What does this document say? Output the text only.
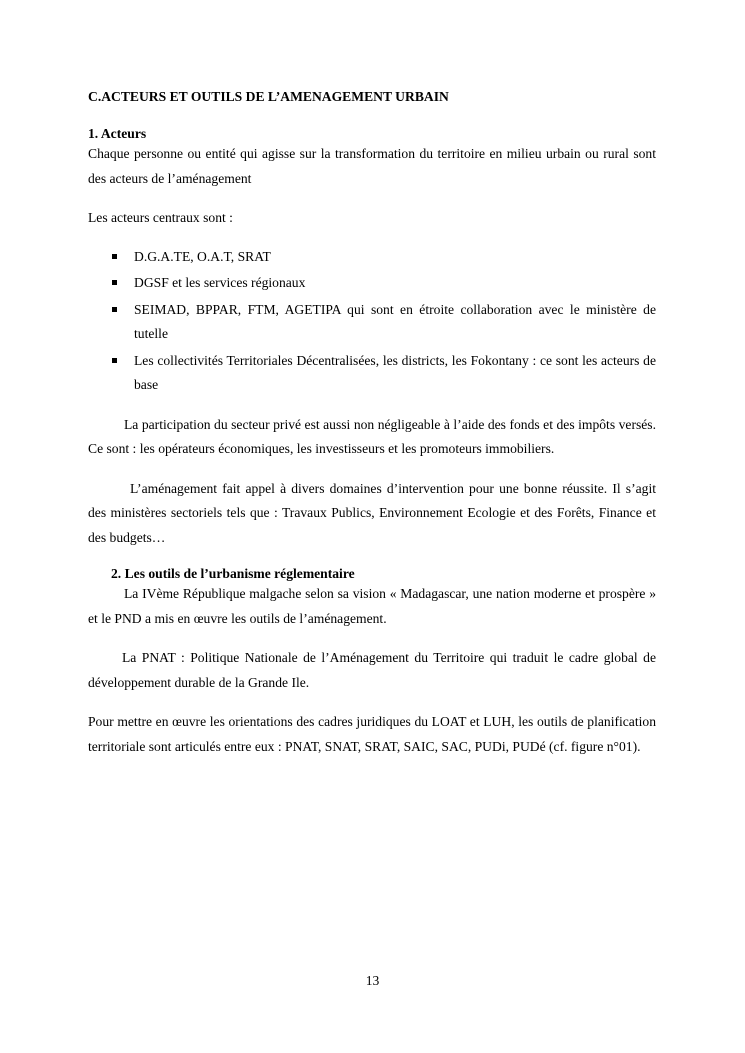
C.ACTEURS ET OUTILS DE L’AMENAGEMENT URBAIN
1. Acteurs

Chaque personne ou entité qui agisse sur la transformation du territoire en milieu urbain ou rural sont des acteurs de l’aménagement

Les acteurs centraux sont :

D.G.A.TE, O.A.T, SRAT
DGSF et les services régionaux
SEIMAD, BPPAR, FTM, AGETIPA qui sont en étroite collaboration avec le ministère de tutelle
Les collectivités Territoriales Décentralisées, les districts, les Fokontany : ce sont les acteurs de base

La participation du secteur privé est aussi non négligeable à l’aide des fonds et des impôts versés. Ce sont : les opérateurs économiques, les investisseurs et les promoteurs immobiliers.

L’aménagement fait appel à divers domaines d’intervention pour une bonne réussite. Il s’agit des ministères sectoriels tels que : Travaux Publics, Environnement Ecologie et des Forêts, Finance et des budgets…

2. Les outils de l’urbanisme réglementaire

La IVème République malgache selon sa vision « Madagascar, une nation moderne et prospère » et le PND a mis en œuvre les outils de l’aménagement.

La PNAT : Politique Nationale de l’Aménagement du Territoire qui traduit le cadre global de développement durable de la Grande Ile.

Pour mettre en œuvre les orientations des cadres juridiques du LOAT et LUH, les outils de planification territoriale sont articulés entre eux : PNAT, SNAT, SRAT, SAIC, SAC, PUDi, PUDé (cf. figure n°01).

13
